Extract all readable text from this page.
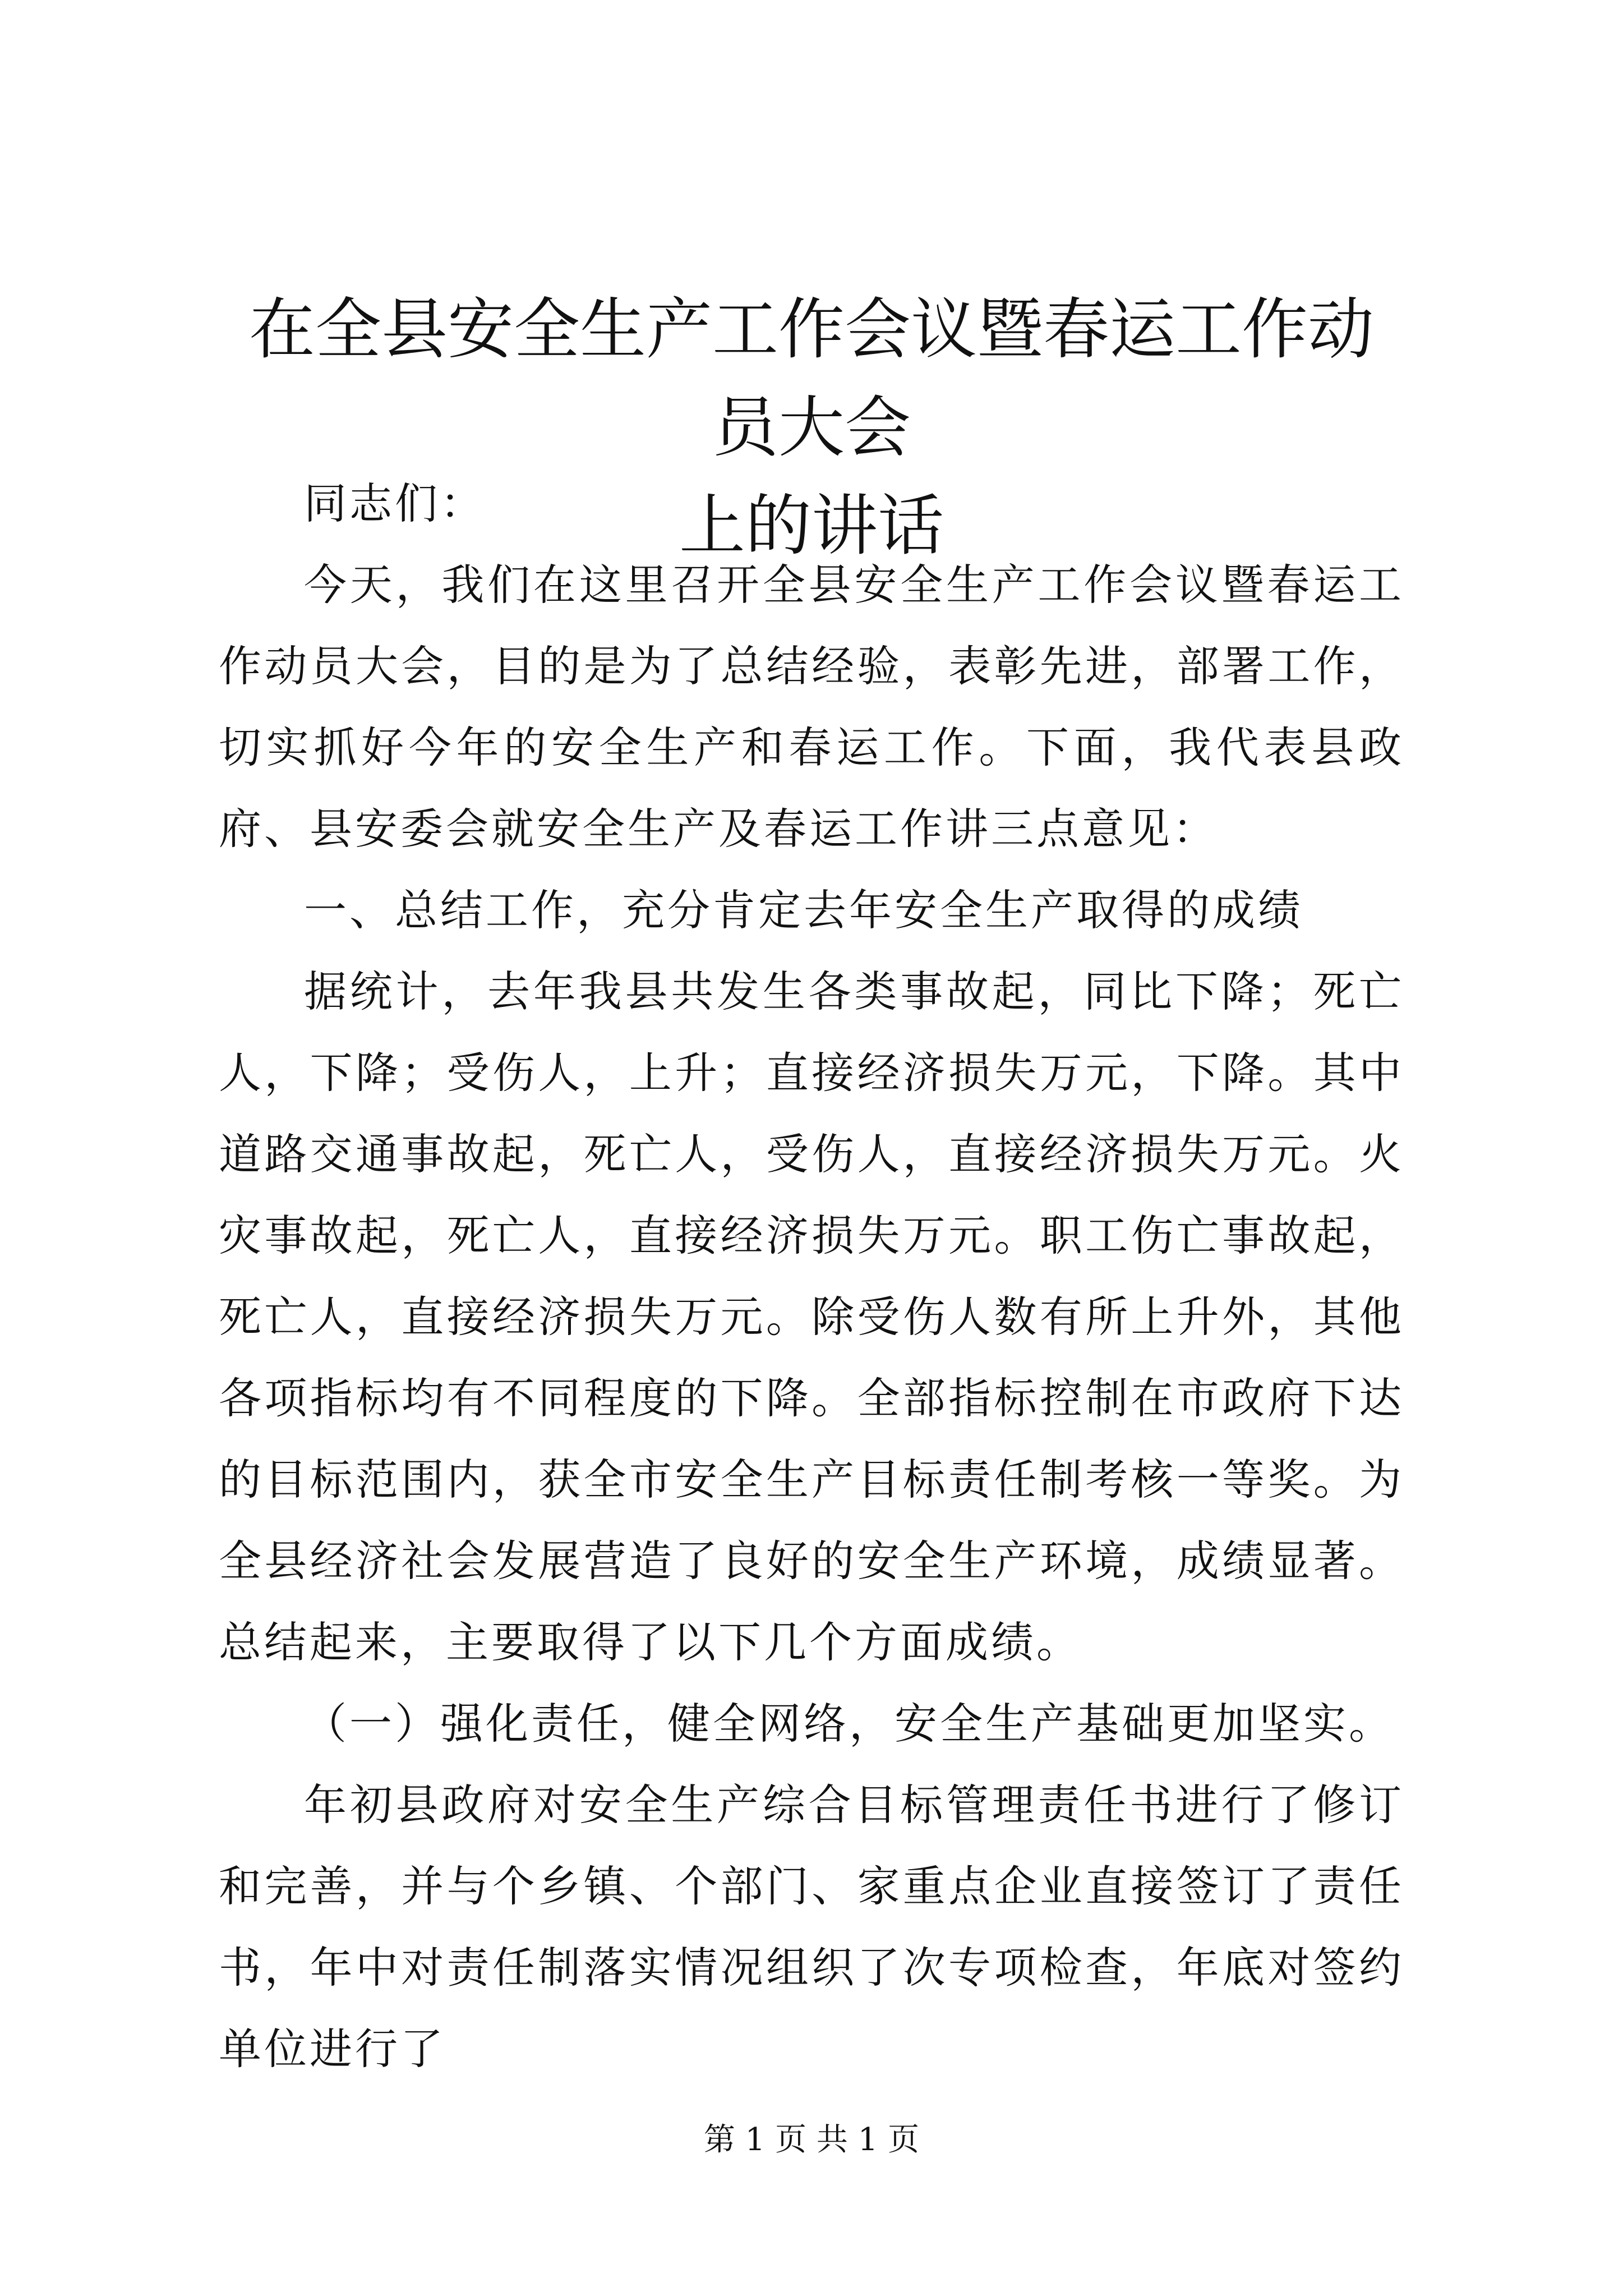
在全县安全生产工作会议暨春运工作动员大会
上的讲话

同志们：

今天，我们在这里召开全县安全生产工作会议暨春运工作动员大会，目的是为了总结经验，表彰先进，部署工作，切实抓好今年的安全生产和春运工作。下面，我代表县政府、县安委会就安全生产及春运工作讲三点意见：

一、总结工作，充分肯定去年安全生产取得的成绩

据统计，去年我县共发生各类事故起，同比下降；死亡人，下降；受伤人，上升；直接经济损失万元，下降。其中道路交通事故起，死亡人，受伤人，直接经济损失万元。火灾事故起，死亡人，直接经济损失万元。职工伤亡事故起，死亡人，直接经济损失万元。除受伤人数有所上升外，其他各项指标均有不同程度的下降。全部指标控制在市政府下达的目标范围内，获全市安全生产目标责任制考核一等奖。为全县经济社会发展营造了良好的安全生产环境，成绩显著。总结起来，主要取得了以下几个方面成绩。

（一）强化责任，健全网络，安全生产基础更加坚实。

年初县政府对安全生产综合目标管理责任书进行了修订和完善，并与个乡镇、个部门、家重点企业直接签订了责任书，年中对责任制落实情况组织了次专项检查，年底对签约单位进行了

第 1 页 共 1 页
